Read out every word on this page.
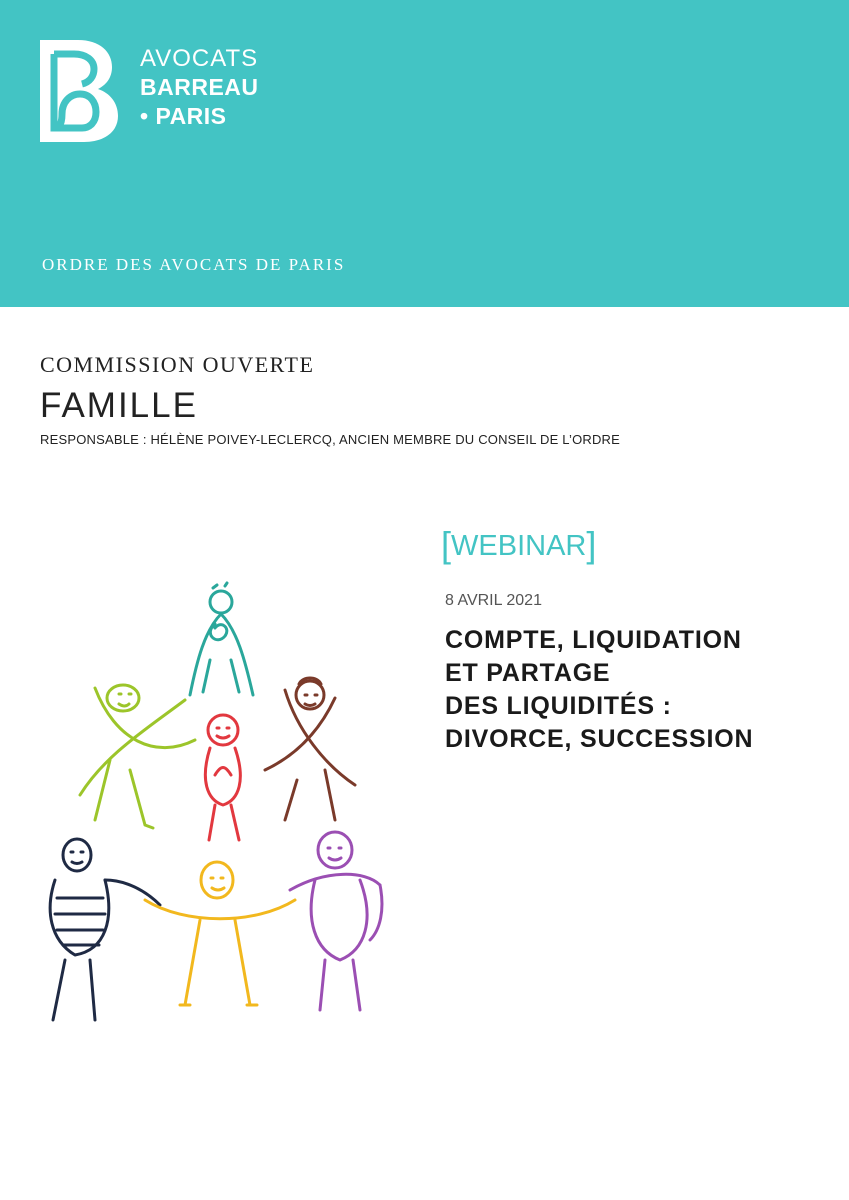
AVOCATS
BARREAU
• PARIS
ORDRE DES AVOCATS DE PARIS
COMMISSION OUVERTE
FAMILLE
RESPONSABLE : HÉLÈNE POIVEY-LECLERCQ, ANCIEN MEMBRE DU CONSEIL DE L’ORDRE
[WEBINAR]
8 AVRIL 2021
COMPTE, LIQUIDATION
ET PARTAGE
DES LIQUIDITÉS :
DIVORCE, SUCCESSION
